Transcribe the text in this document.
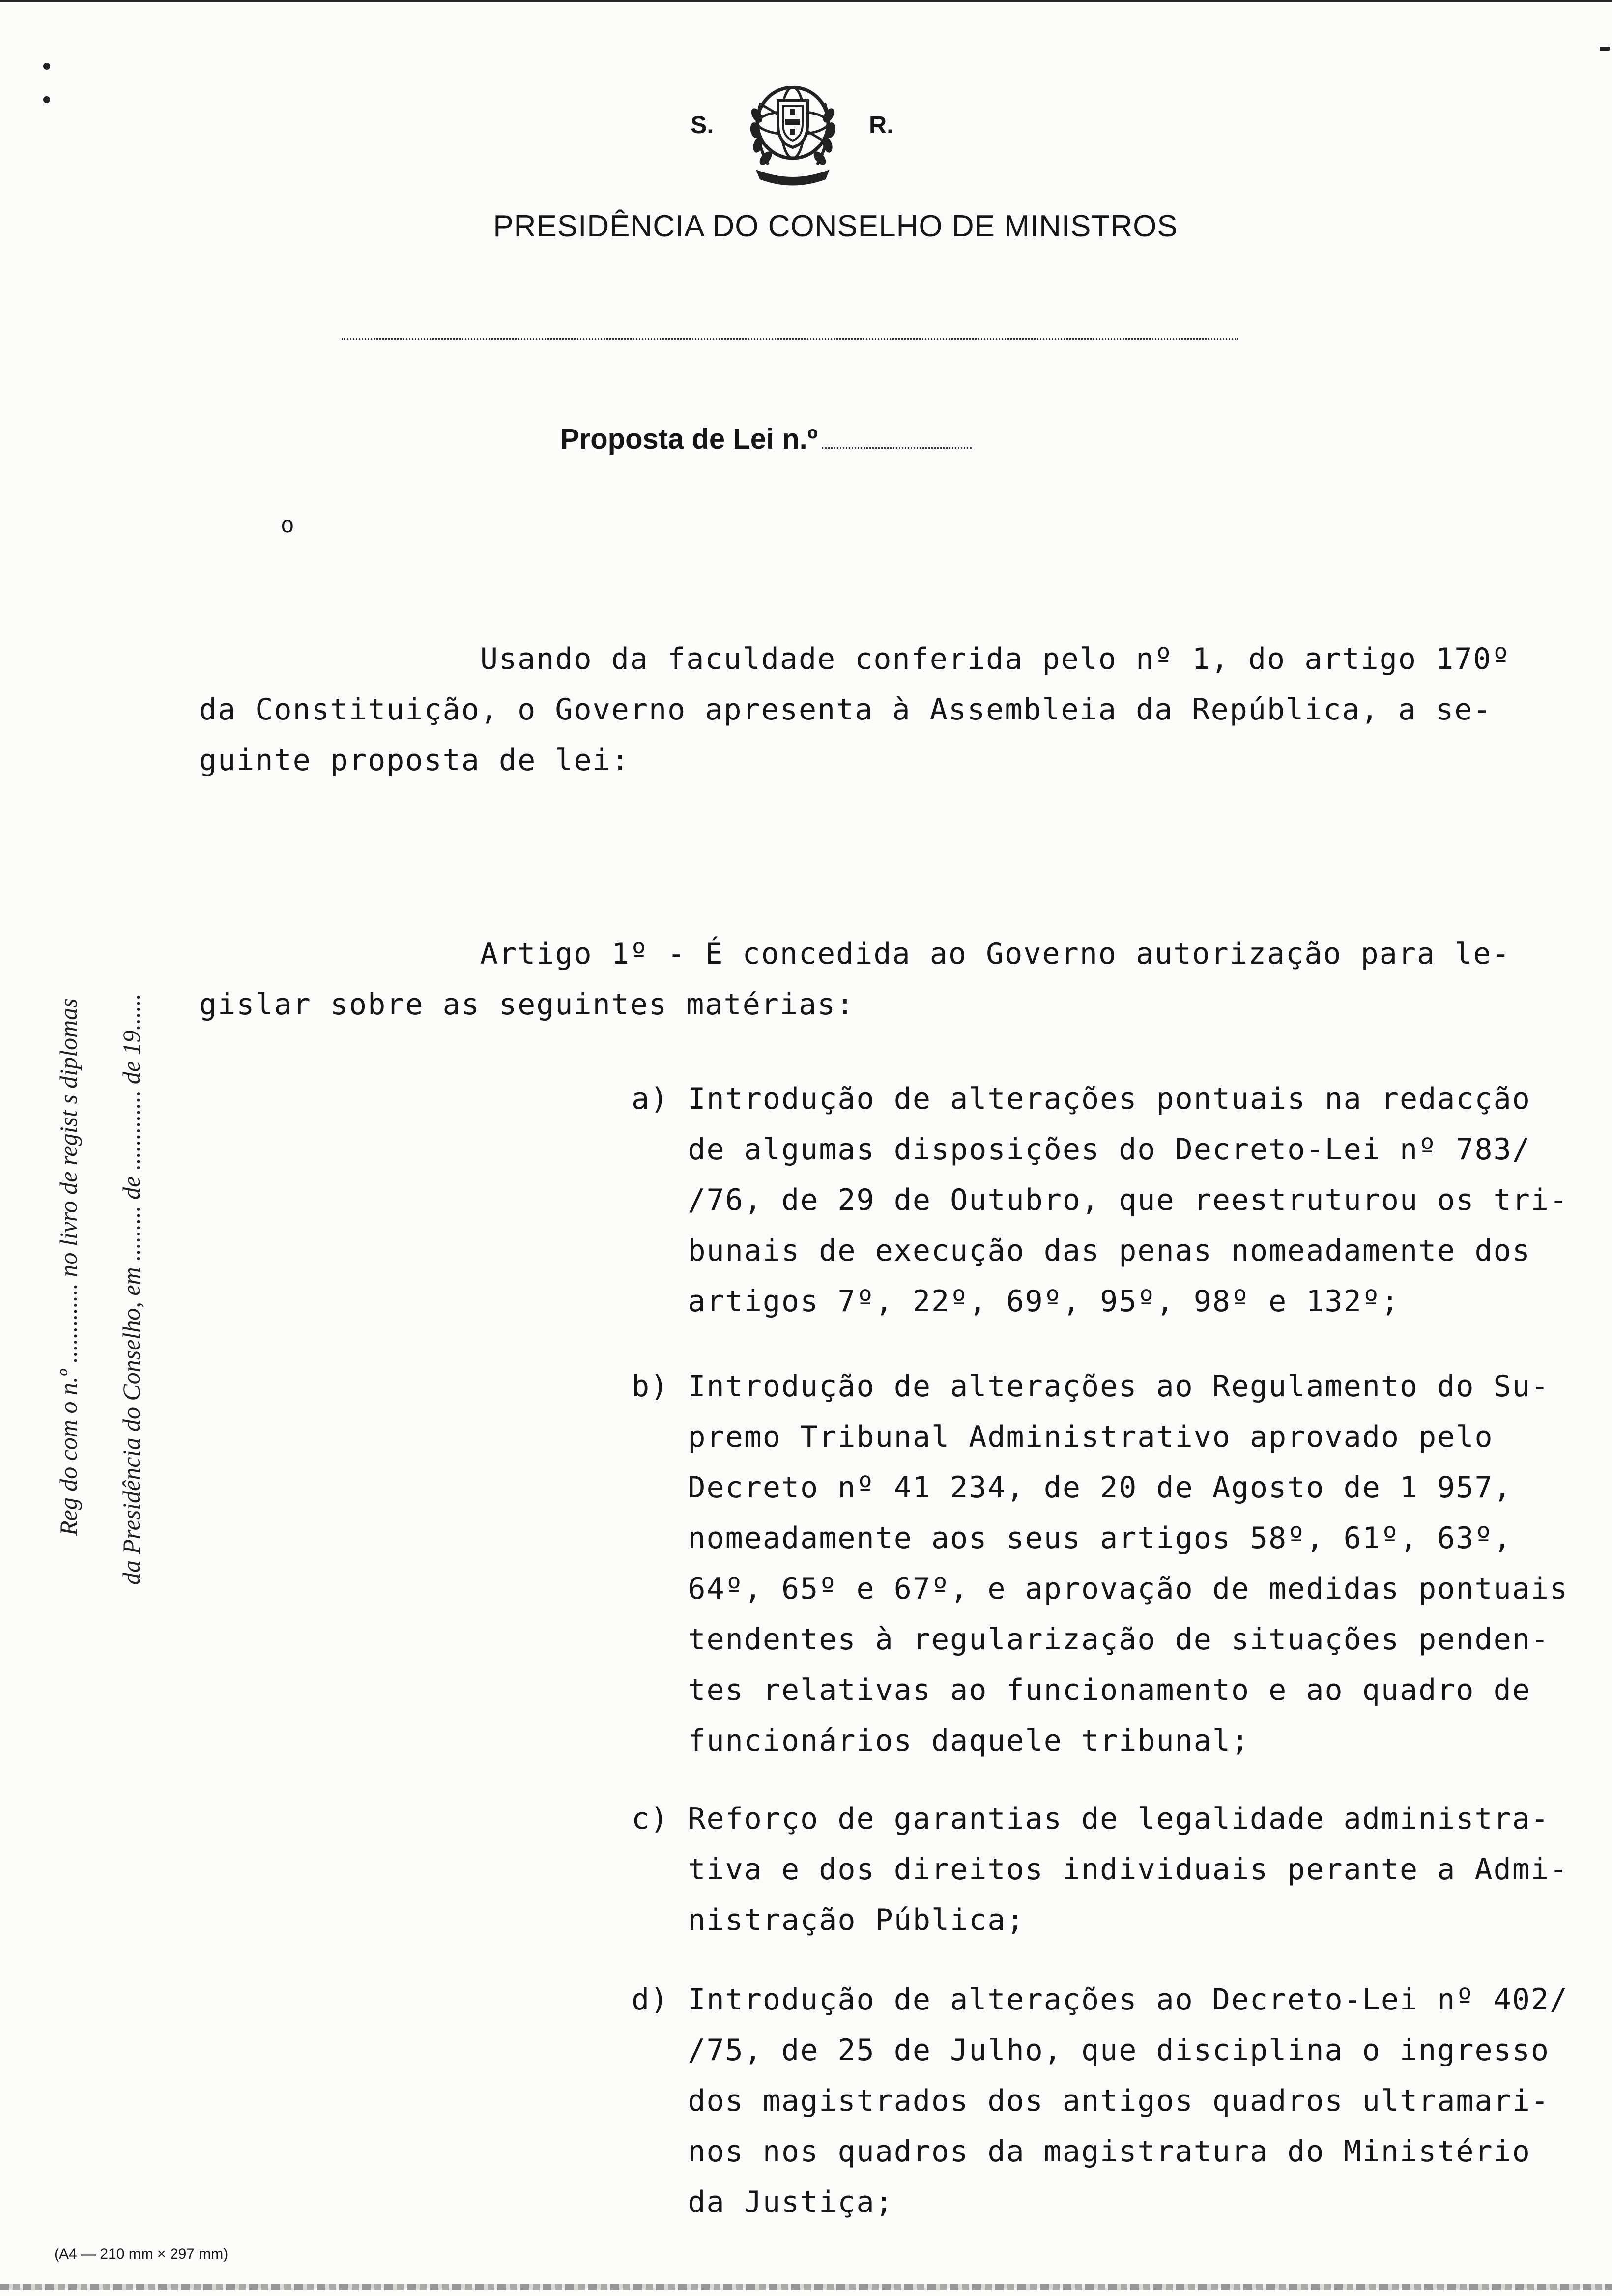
S.	R.
PRESIDÊNCIA DO CONSELHO DE MINISTROS
Proposta de Lei n.º
o
Usando da faculdade conferida pelo nº 1, do artigo 170º
da Constituição, o Governo apresenta à Assembleia da República, a se-
guinte proposta de lei:
Artigo 1º - É concedida ao Governo autorização para le-
gislar sobre as seguintes matérias:
a) Introdução de alterações pontuais na redacção
de algumas disposições do Decreto-Lei nº 783/
/76, de 29 de Outubro, que reestruturou os tri-
bunais de execução das penas nomeadamente dos
artigos 7º, 22º, 69º, 95º, 98º e 132º;
b) Introdução de alterações ao Regulamento do Su-
premo Tribunal Administrativo aprovado pelo
Decreto nº 41 234, de 20 de Agosto de 1 957,
nomeadamente aos seus artigos 58º, 61º, 63º,
64º, 65º e 67º, e aprovação de medidas pontuais
tendentes à regularização de situações penden-
tes relativas ao funcionamento e ao quadro de
funcionários daquele tribunal;
c) Reforço de garantias de legalidade administra-
tiva e dos direitos individuais perante a Admi-
nistração Pública;
d) Introdução de alterações ao Decreto-Lei nº 402/
/75, de 25 de Julho, que disciplina o ingresso
dos magistrados dos antigos quadros ultramari-
nos nos quadros da magistratura do Ministério
da Justiça;
Reg do com o n.º ............. no livro de regist s diplomas da Presidência do Conselho, em ......... de ............. de 19......
(A4 — 210 mm × 297 mm)
